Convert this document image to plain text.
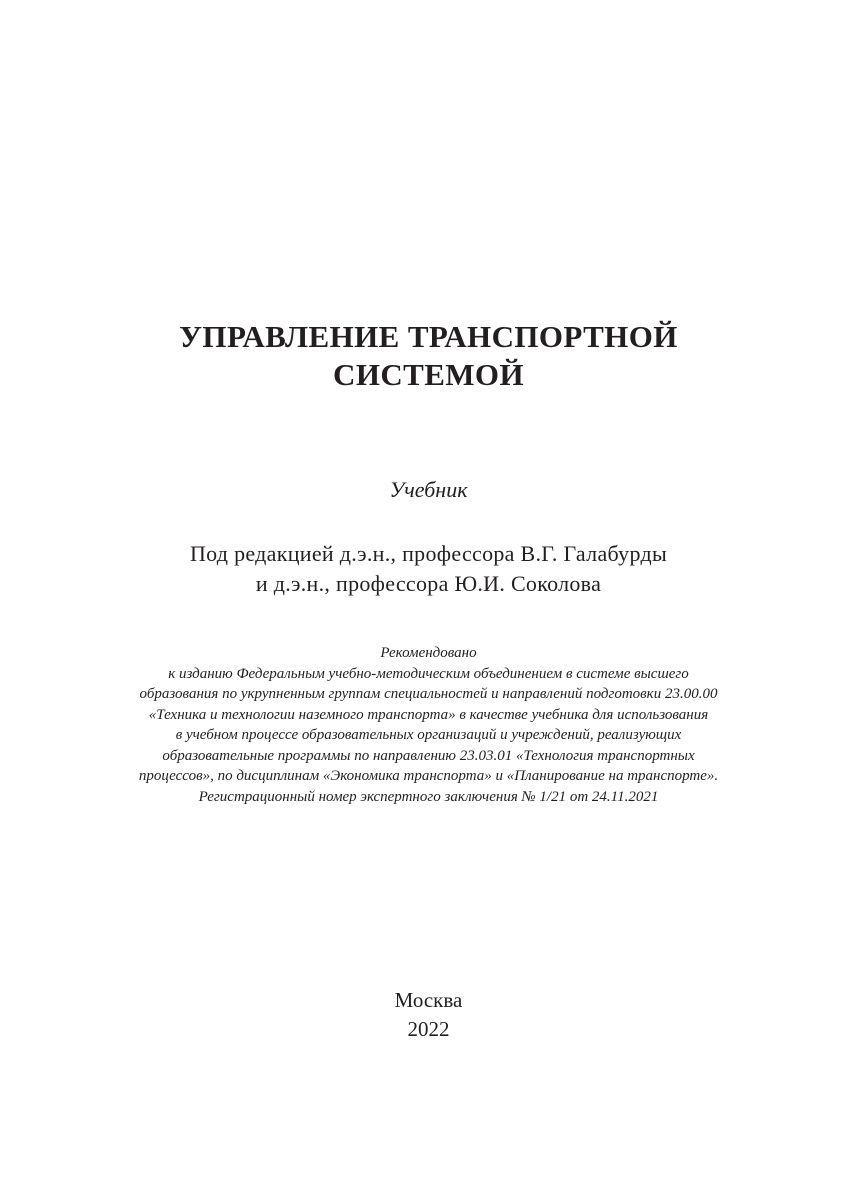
УПРАВЛЕНИЕ ТРАНСПОРТНОЙ
СИСТЕМОЙ
Учебник
Под редакцией д.э.н., профессора В.Г. Галабурды
и д.э.н., профессора Ю.И. Соколова
Рекомендовано
к изданию Федеральным учебно-методическим объединением в системе высшего
образования по укрупненным группам специальностей и направлений подготовки 23.00.00
«Техника и технологии наземного транспорта» в качестве учебника для использования
в учебном процессе образовательных организаций и учреждений, реализующих
образовательные программы по направлению 23.03.01 «Технология транспортных
процессов», по дисциплинам «Экономика транспорта» и «Планирование на транспорте».
Регистрационный номер экспертного заключения № 1/21 от 24.11.2021
Москва
2022
